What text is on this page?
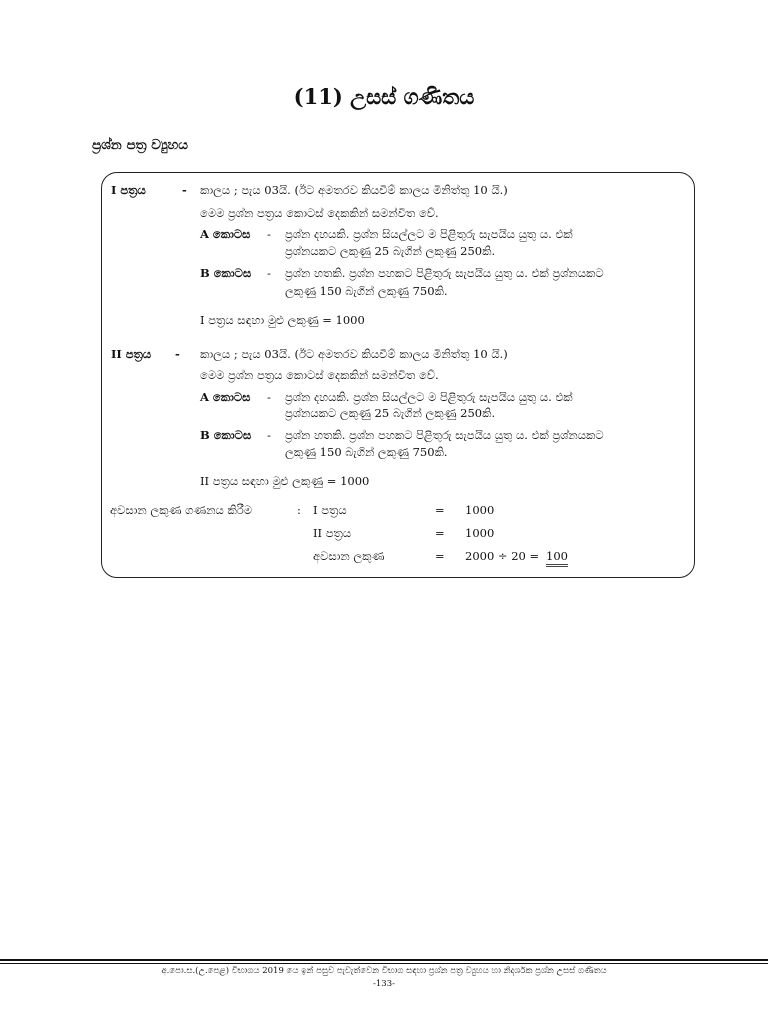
(11) උසස් ගණිතය
ප්‍රශ්න පත්‍ර ව්‍යුහය
I පත්‍රය	- කාලය ; පැය 03යි. (ඊට අමතරව කියවීම් කාලය මිනිත්තු 10 යි.)
මෙම ප්‍රශ්න පත්‍රය කොටස් දෙකකින් සමන්විත වේ.
A කොටස - ප්‍රශ්න දහයකි. ප්‍රශ්න සියල්ලට ම පිළිතුරු සැපයිය යුතු ය. එක්
ප්‍රශ්නයකට ලකුණු 25 බැගින් ලකුණු 250කි.
B කොටස - ප්‍රශ්න හතකි. ප්‍රශ්න පහකට පිළිතුරු සැපයිය යුතු ය. එක් ප්‍රශ්නයකට
ලකුණු 150 බැගින් ලකුණු 750කි.
I පත්‍රය සඳහා මුළු ලකුණු = 1000
II පත්‍රය - කාලය ; පැය 03යි. (ඊට අමතරව කියවීම් කාලය මිනිත්තු 10 යි.)
මෙම ප්‍රශ්න පත්‍රය කොටස් දෙකකින් සමන්විත වේ.
A කොටස - ප්‍රශ්න දහයකි. ප්‍රශ්න සියල්ලට ම පිළිතුරු සැපයිය යුතු ය. එක්
ප්‍රශ්නයකට ලකුණු 25 බැගින් ලකුණු 250කි.
B කොටස - ප්‍රශ්න හතකි. ප්‍රශ්න පහකට පිළිතුරු සැපයිය යුතු ය. එක් ප්‍රශ්නයකට
ලකුණු 150 බැගින් ලකුණු 750කි.
II පත්‍රය සඳහා මුළු ලකුණු = 1000
අවසාන ලකුණ ගණනය කිරීම	: I පත්‍රය	= 1000
II පත්‍රය	= 1000
අවසාන ලකුණ	= 2000 ÷ 20 = 100
අ.පො.ස.(උ.පෙළ) විභාගය 2019 යෙ ඉන් පසුව පැවැත්වෙන විභාග සඳහා ප්‍රශ්න පත්‍ර ව්‍යුහය හා නිදර්ශක ප්‍රශ්න උසස් ගණිතය
-133-
